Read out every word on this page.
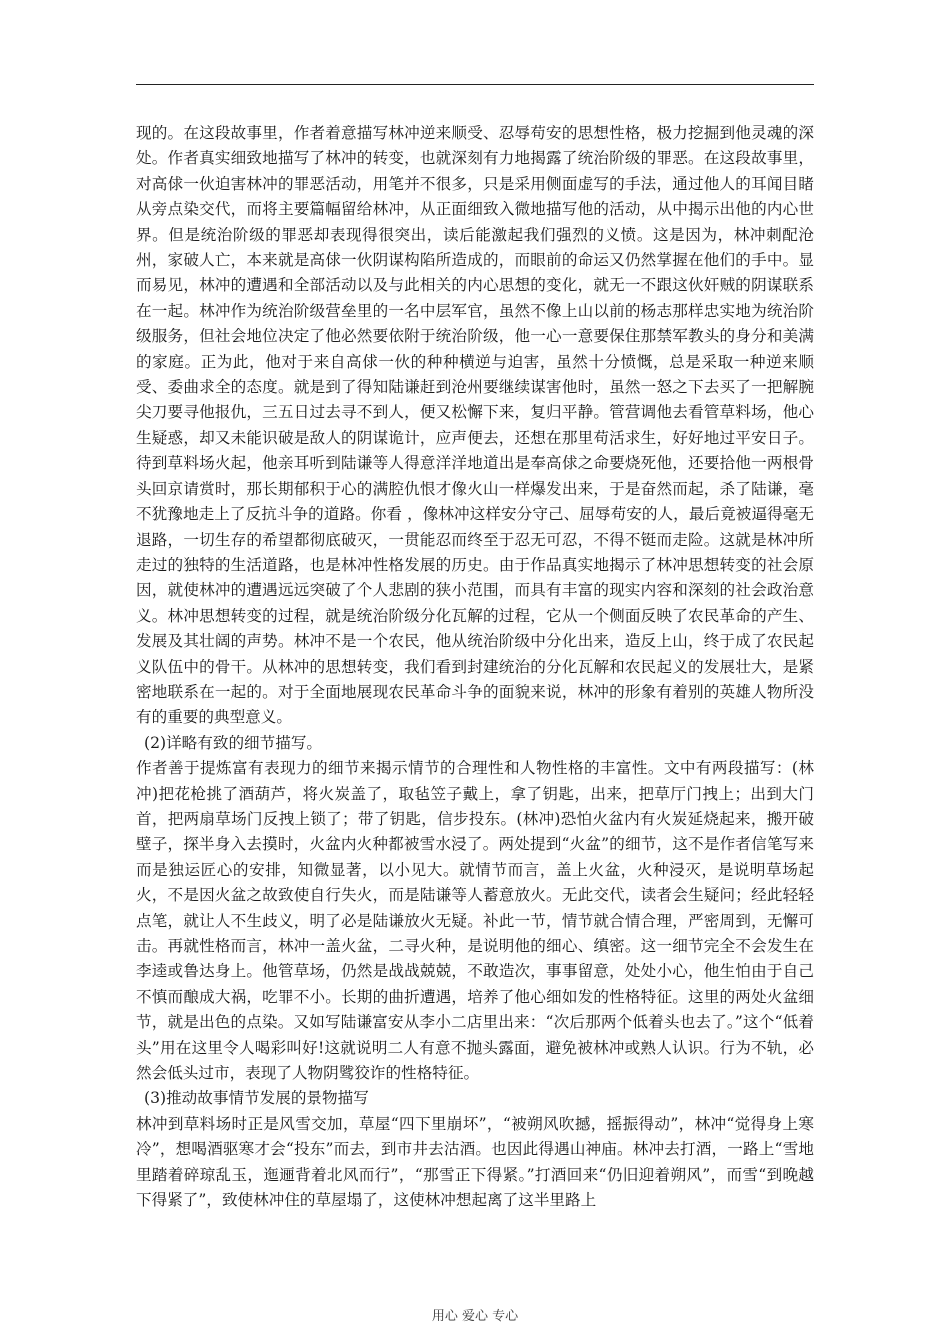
现的。在这段故事里，作者着意描写林冲逆来顺受、忍辱苟安的思想性格，极力挖掘到他灵魂的深处。作者真实细致地描写了林冲的转变，也就深刻有力地揭露了统治阶级的罪恶。在这段故事里，对高俅一伙迫害林冲的罪恶活动，用笔并不很多，只是采用侧面虚写的手法，通过他人的耳闻目睹从旁点染交代，而将主要篇幅留给林冲，从正面细致入微地描写他的活动，从中揭示出他的内心世界。但是统治阶级的罪恶却表现得很突出，读后能激起我们强烈的义愤。这是因为，林冲刺配沧州，家破人亡，本来就是高俅一伙阴谋构陷所造成的，而眼前的命运又仍然掌握在他们的手中。显而易见，林冲的遭遇和全部活动以及与此相关的内心思想的变化，就无一不跟这伙奸贼的阴谋联系在一起。林冲作为统治阶级营垒里的一名中层军官，虽然不像上山以前的杨志那样忠实地为统治阶级服务，但社会地位决定了他必然要依附于统治阶级，他一心一意要保住那禁军教头的身分和美满的家庭。正为此，他对于来自高俅一伙的种种横逆与迫害，虽然十分愤慨，总是采取一种逆来顺受、委曲求全的态度。就是到了得知陆谦赶到沧州要继续谋害他时，虽然一怒之下去买了一把解腕尖刀要寻他报仇，三五日过去寻不到人，便又松懈下来，复归平静。管营调他去看管草料场，他心生疑惑，却又未能识破是敌人的阴谋诡计，应声便去，还想在那里苟活求生，好好地过平安日子。待到草料场火起，他亲耳听到陆谦等人得意洋洋地道出是奉高俅之命要烧死他，还要拾他一两根骨头回京请赏时，那长期郁积于心的满腔仇恨才像火山一样爆发出来，于是奋然而起，杀了陆谦，毫不犹豫地走上了反抗斗争的道路。你看 ，像林冲这样安分守己、屈辱苟安的人，最后竟被逼得毫无退路，一切生存的希望都彻底破灭，一贯能忍而终至于忍无可忍，不得不铤而走险。这就是林冲所走过的独特的生活道路，也是林冲性格发展的历史。由于作品真实地揭示了林冲思想转变的社会原因，就使林冲的遭遇远远突破了个人悲剧的狭小范围，而具有丰富的现实内容和深刻的社会政治意义。林冲思想转变的过程，就是统治阶级分化瓦解的过程，它从一个侧面反映了农民革命的产生、发展及其壮阔的声势。林冲不是一个农民，他从统治阶级中分化出来，造反上山，终于成了农民起义队伍中的骨干。从林冲的思想转变，我们看到封建统治的分化瓦解和农民起义的发展壮大，是紧密地联系在一起的。对于全面地展现农民革命斗争的面貌来说，林冲的形象有着别的英雄人物所没有的重要的典型意义。

(2)详略有致的细节描写。

作者善于提炼富有表现力的细节来揭示情节的合理性和人物性格的丰富性。文中有两段描写：(林冲)把花枪挑了酒葫芦，将火炭盖了，取毡笠子戴上，拿了钥匙，出来，把草厅门拽上；出到大门首，把两扇草场门反拽上锁了；带了钥匙，信步投东。(林冲)恐怕火盆内有火炭延烧起来，搬开破壁子，探半身入去摸时，火盆内火种都被雪水浸了。两处提到“火盆”的细节，这不是作者信笔写来而是独运匠心的安排，知微显著，以小见大。就情节而言，盖上火盆，火种浸灭，是说明草场起火，不是因火盆之故致使自行失火，而是陆谦等人蓄意放火。无此交代，读者会生疑问；经此轻轻点笔，就让人不生歧义，明了必是陆谦放火无疑。补此一节，情节就合情合理，严密周到，无懈可击。再就性格而言，林冲一盖火盆，二寻火种，是说明他的细心、缜密。这一细节完全不会发生在李逵或鲁达身上。他管草场，仍然是战战兢兢，不敢造次，事事留意，处处小心，他生怕由于自己不慎而酿成大祸，吃罪不小。长期的曲折遭遇，培养了他心细如发的性格特征。这里的两处火盆细节，就是出色的点染。又如写陆谦富安从李小二店里出来：“次后那两个低着头也去了。”这个“低着头”用在这里令人喝彩叫好!这就说明二人有意不抛头露面，避免被林冲或熟人认识。行为不轨，必然会低头过市，表现了人物阴骘狡诈的性格特征。

(3)推动故事情节发展的景物描写

林冲到草料场时正是风雪交加，草屋“四下里崩坏”，“被朔风吹撼，摇振得动”，林冲“觉得身上寒冷”，想喝酒驱寒才会“投东”而去，到市井去沽酒。也因此得遇山神庙。林冲去打酒，一路上“雪地里踏着碎琼乱玉，迤逦背着北风而行”，“那雪正下得紧。”打酒回来“仍旧迎着朔风”，而雪“到晚越下得紧了”，致使林冲住的草屋塌了，这使林冲想起离了这半里路上

用心 爱心 专心
